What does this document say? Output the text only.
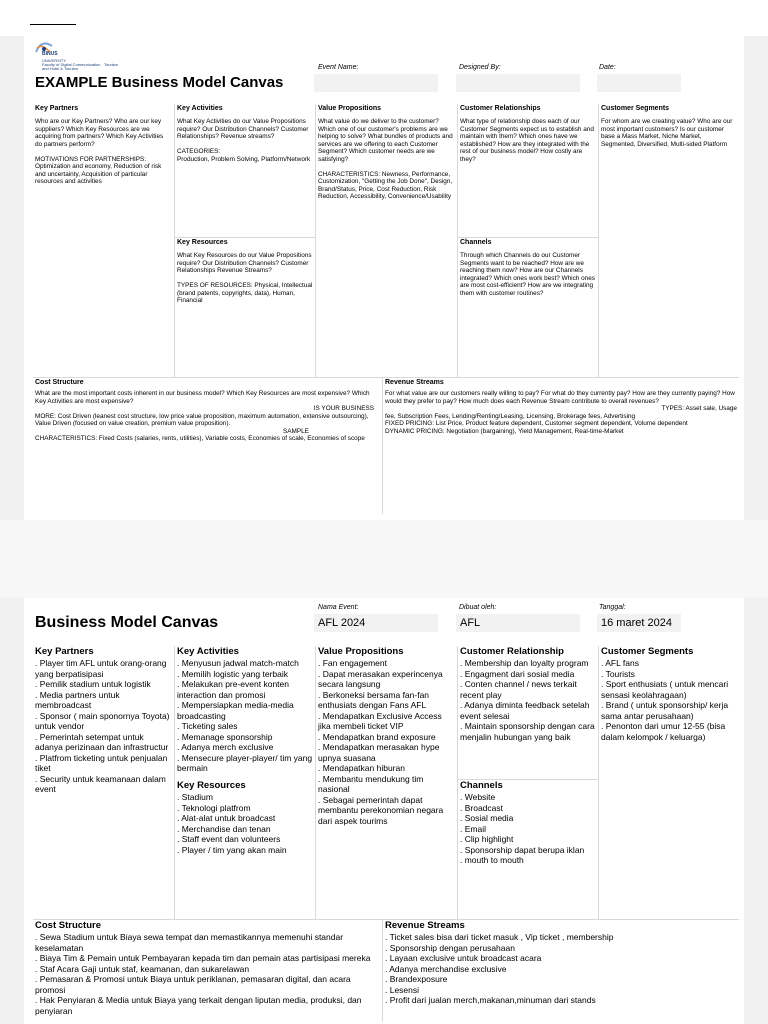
BINUS
UNIVERSITY
Faculty of Digital Communication
and Hotel & Tourism
Tourism
EXAMPLE Business Model Canvas
Event Name:	Designed By:	Date:
Key Partners
Who are our Key Partners? Who are our key suppliers? Which Key Resources are we acquiring from partners? Which Key Activities do partners perform?

MOTIVATIONS FOR PARTNERSHIPS: Optimization and economy, Reduction of risk and uncertainty, Acquisition of particular resources and activities
Key Activities
What Key Activities do our Value Propositions require? Our Distribution Channels? Customer Relationships? Revenue streams?

CATEGORIES:
Production, Problem Solving, Platform/Network
Key Resources
What Key Resources do our Value Propositions require? Our Distribution Channels? Customer Relationships Revenue Streams?

TYPES OF RESOURCES: Physical, Intellectual (brand patents, copyrights, data), Human, Financial
Value Propositions
What value do we deliver to the customer? Which one of our customer's problems are we helping to solve? What bundles of products and services are we offering to each Customer Segment? Which customer needs are we satisfying?

CHARACTERISTICS: Newness, Performance, Customization, "Getting the Job Done", Design, Brand/Status, Price, Cost Reduction, Risk Reduction, Accessibility, Convenience/Usability
Customer Relationships
What type of relationship does each of our Customer Segments expect us to establish and maintain with them? Which ones have we established? How are they integrated with the rest of our business model? How costly are they?
Channels
Through which Channels do our Customer Segments want to be reached? How are we reaching them now? How are our Channels integrated? Which ones work best? Which ones are most cost-efficient? How are we integrating them with customer routines?
Customer Segments
For whom are we creating value? Who are our most important customers? Is our customer base a Mass Market, Niche Market, Segmented, Diversified, Multi-sided Platform
Cost Structure
What are the most important costs inherent in our business model? Which Key Resources are most expensive? Which Key Activities are most expensive?
IS YOUR BUSINESS
MORE: Cost Driven (leanest cost structure, low price value proposition, maximum automation, extensive outsourcing), Value Driven (focused on value creation, premium value proposition).
SAMPLE
CHARACTERISTICS: Fixed Costs (salaries, rents, utilities), Variable costs, Economies of scale, Economies of scope
Revenue Streams
For what value are our customers really willing to pay? For what do they currently pay? How are they currently paying? How would they prefer to pay? How much does each Revenue Stream contribute to overall revenues?
TYPES: Asset sale, Usage
fee, Subscription Fees, Lending/Renting/Leasing, Licensing, Brokerage fees, Advertising
FIXED PRICING: List Price, Product feature dependent, Customer segment dependent, Volume dependent
DYNAMIC PRICING: Negotiation (bargaining), Yield Management, Real-time-Market
Business Model Canvas
Nama Event:
AFL 2024
Dibuat oleh:
AFL
Tanggal:
16 maret 2024
Key Partners
. Player tim AFL untuk orang-orang yang berpatisipasi
. Pemilik stadium untuk logistik
. Media partners untuk membroadcast
. Sponsor ( main sponornya Toyota) untuk vendor
. Pemerintah setempat untuk adanya perizinaan dan infrastructur
. Platfrom ticketing untuk penjualan tiket
. Security untuk keamanaan dalam event
Key Activities
. Menyusun jadwal match-match
. Memilih logistic yang terbaik
. Melakukan pre-event konten interaction dan promosi
. Mempersiapkan media-media broadcasting
. Ticketing sales
. Memanage sponsorship
. Adanya merch exclusive
. Mensecure player-player/ tim yang bermain
Key Resources
. Stadium
. Teknologi platfrom
. Alat-alat untuk broadcast
. Merchandise dan tenan
. Staff event dan volunteers
. Player / tim yang akan main
Value Propositions
. Fan engagement
. Dapat merasakan experincenya secara langsung
. Berkoneksi bersama fan-fan enthusiats dengan Fans AFL
. Mendapatkan Exclusive Access jika membeli ticket VIP
. Mendapatkan brand exposure
. Mendapatkan merasakan hype upnya suasana
. Mendapatkan hiburan
. Membantu mendukung tim nasional
. Sebagai pemerintah dapat membantu perekonomian negara dari aspek tourims
Customer Relationship
. Membership dan loyalty program
. Engagment dari sosial media
. Conten channel / news terkait recent play
. Adanya diminta feedback setelah event selesai
. Maintain sponsorship dengan cara menjalin hubungan yang baik
Channels
. Website
. Broadcast
. Sosial media
. Email
. Clip highlight
. Sponsorship dapat berupa iklan
. mouth to mouth
Customer Segments
. AFL fans
. Tourists
. Sport enthusiats ( untuk mencari sensasi keolahragaan)
. Brand ( untuk sponsorship/ kerja sama antar perusahaan)
. Penonton dari umur 12-55 (bisa dalam kelompok / keluarga)
Cost Structure
. Sewa Stadium untuk Biaya sewa tempat dan memastikannya memenuhi standar keselamatan
. Biaya Tim & Pemain untuk Pembayaran kepada tim dan pemain atas partisipasi mereka
. Staf Acara Gaji untuk staf, keamanan, dan sukarelawan
. Pemasaran & Promosi untuk Biaya untuk periklanan, pemasaran digital, dan acara promosi
. Hak Penyiaran & Media untuk Biaya yang terkait dengan liputan media, produksi, dan penyiaran
Revenue Streams
. Ticket sales bisa dari ticket masuk , Vip ticket , membership
. Sponsorship dengan perusahaan
. Layaan exclusive untuk broadcast acara
. Adanya merchandise exclusive
. Brandexposure
. Lesensi
. Profit dari jualan merch,makanan,minuman dari stands
